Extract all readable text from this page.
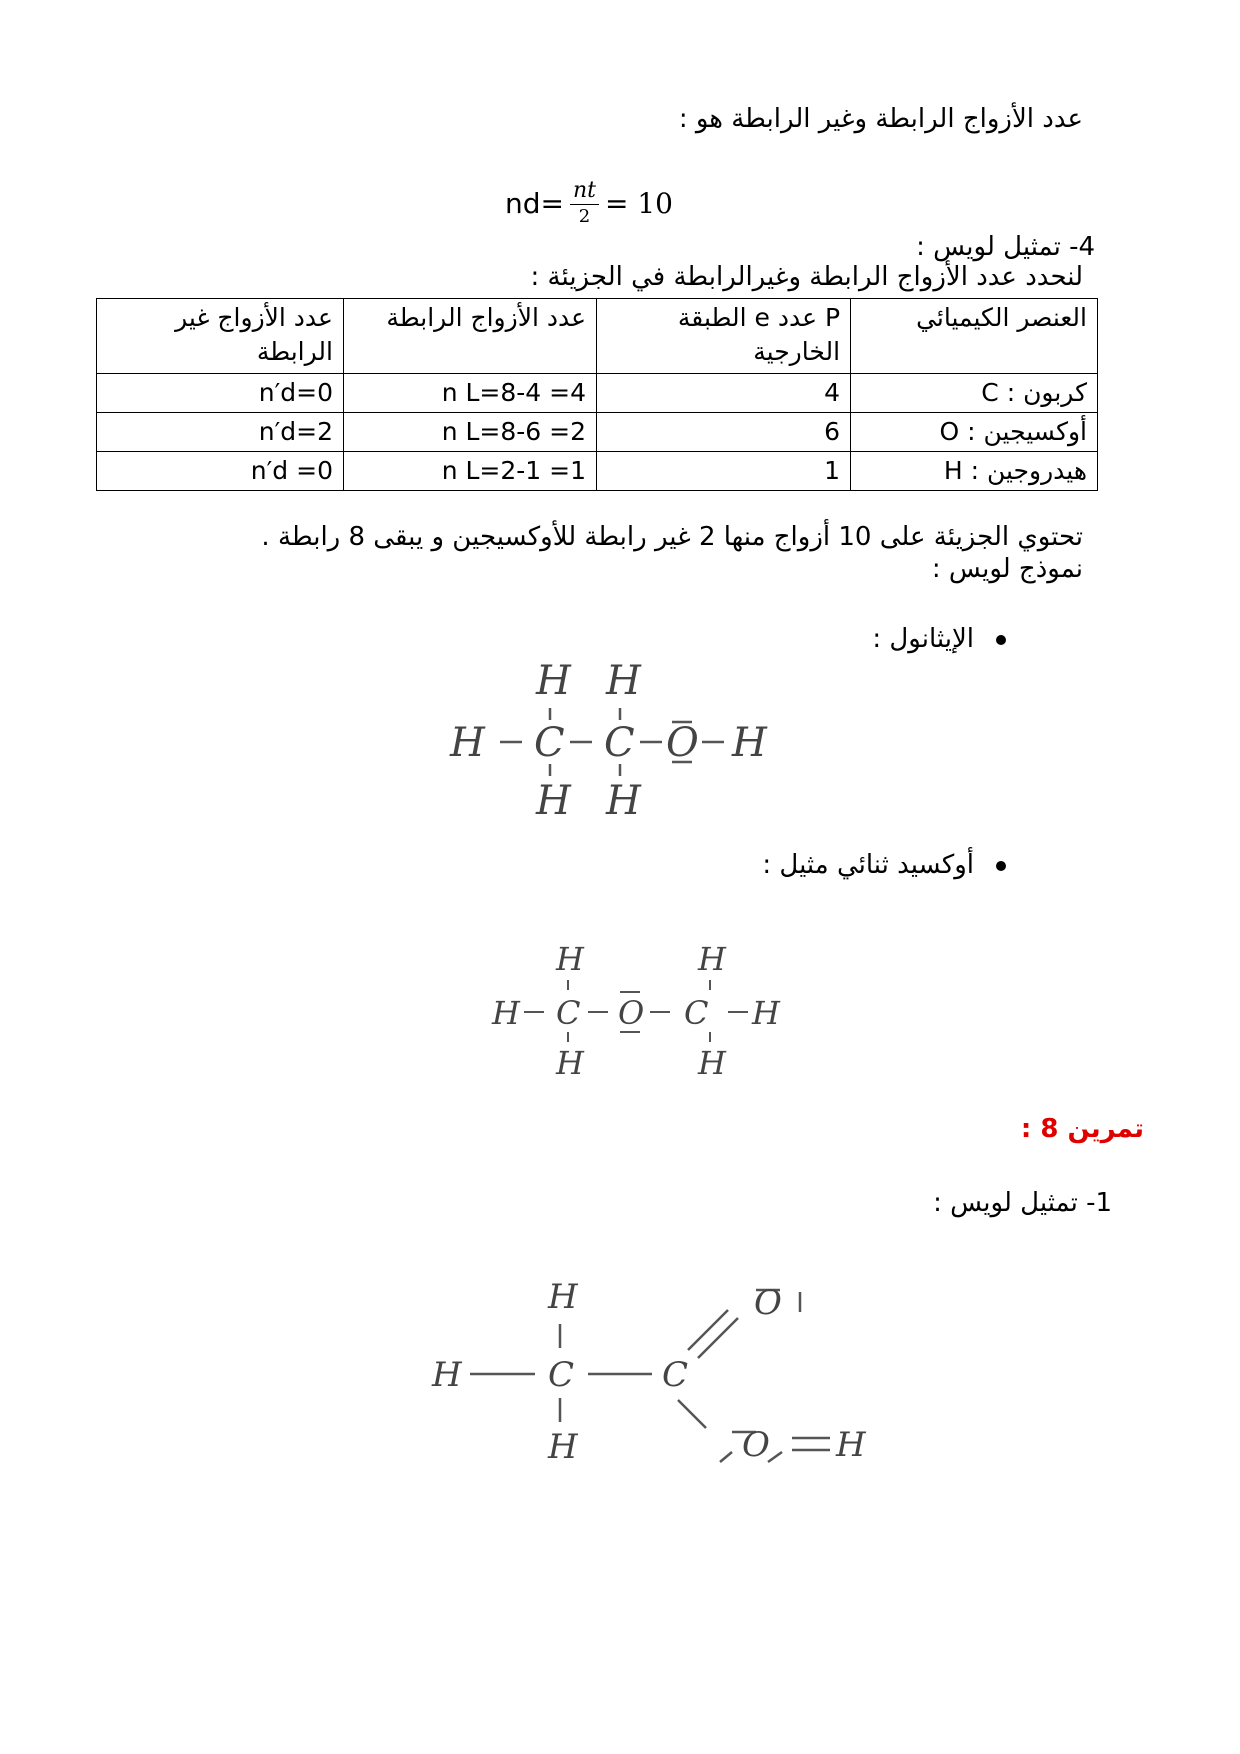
عدد الأزواج الرابطة وغير الرابطة هو :
$nd= \frac{nt}{2} = 10$
4- تمثيل لويس :
لنحدد عدد الأزواج الرابطة وغيرالرابطة في الجزيئة :
العنصر الكيميائي	P عدد e الطبقة الخارجية	عدد الأزواج الرابطة	عدد الأزواج غير الرابطة
كربون : C	4	n L=8-4 =4	n′d=0
أوكسيجين : O	6	n L=8-6 =2	n′d=2
هيدروجين : H	1	n L=2-1 =1	n′d =0
تحتوي الجزيئة على 10 أزواج منها 2 غير رابطة للأوكسيجين و يبقى 8 رابطة .
نموذج لويس :
الإيثانول :
H H
H C C O H
H H
أوكسيد ثنائي مثيل :
H	H
H C O C H
H	H
تمرين 8 :
1- تمثيل لويس :
H
H
C	C
H
O
O H
